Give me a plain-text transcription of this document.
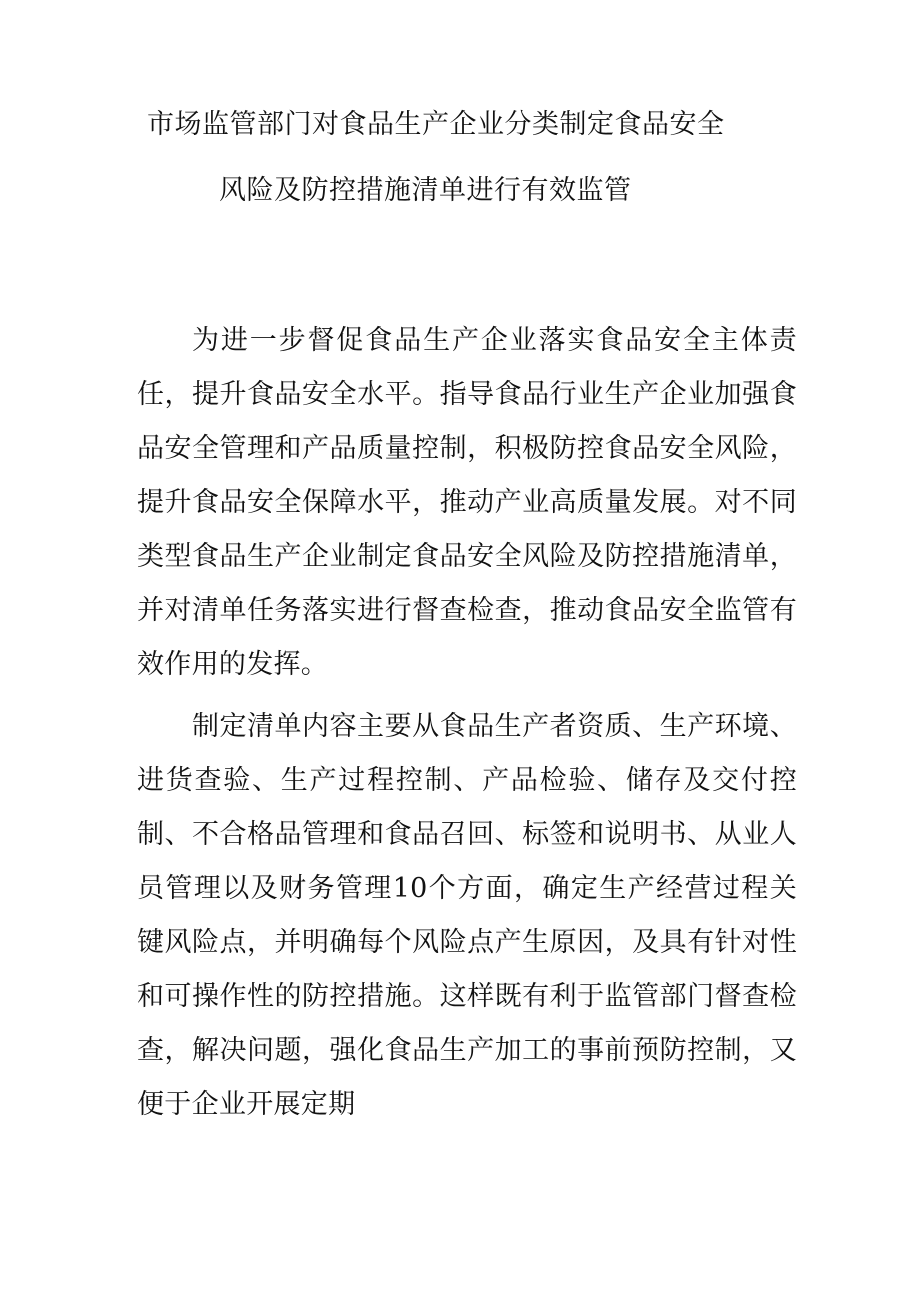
市场监管部门对食品生产企业分类制定食品安全
风险及防控措施清单进行有效监管

为进一步督促食品生产企业落实食品安全主体责任，提升食品安全水平。指导食品行业生产企业加强食品安全管理和产品质量控制，积极防控食品安全风险，提升食品安全保障水平，推动产业高质量发展。对不同类型食品生产企业制定食品安全风险及防控措施清单，并对清单任务落实进行督查检查，推动食品安全监管有效作用的发挥。

制定清单内容主要从食品生产者资质、生产环境、进货查验、生产过程控制、产品检验、储存及交付控制、不合格品管理和食品召回、标签和说明书、从业人员管理以及财务管理10个方面，确定生产经营过程关键风险点，并明确每个风险点产生原因，及具有针对性和可操作性的防控措施。这样既有利于监管部门督查检查，解决问题，强化食品生产加工的事前预防控制，又便于企业开展定期
